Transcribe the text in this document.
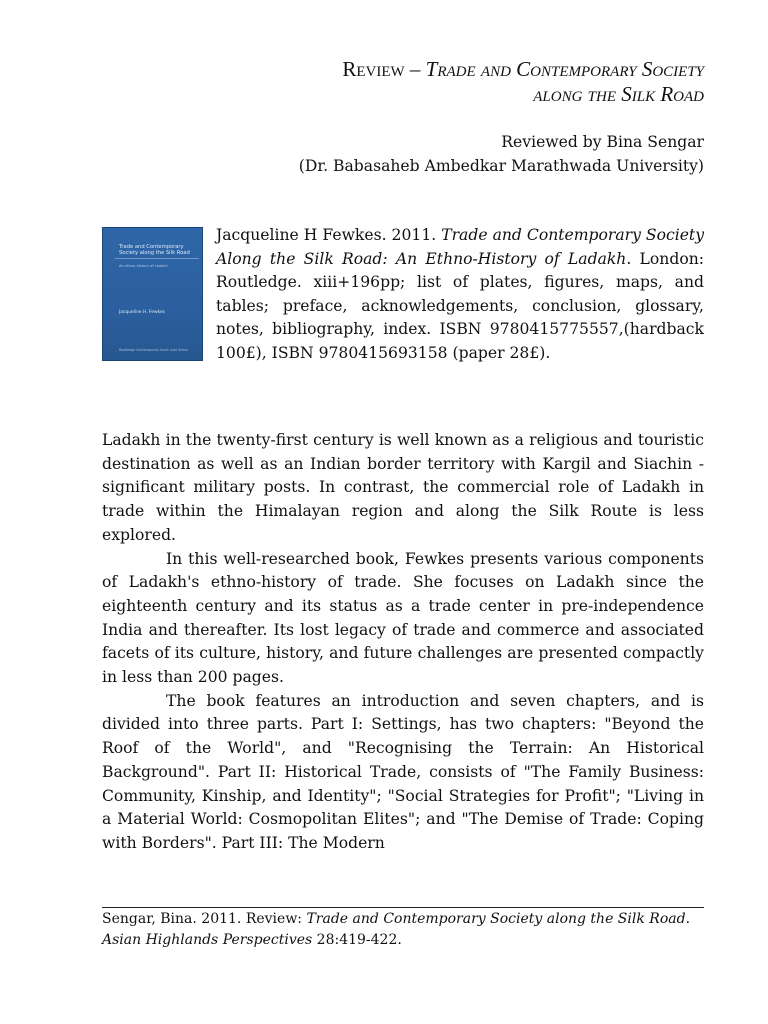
Review – Trade and Contemporary Society
along the Silk Road
Reviewed by Bina Sengar
(Dr. Babasaheb Ambedkar Marathwada University)
Jacqueline H Fewkes. 2011. Trade and Contemporary Society Along the Silk Road: An Ethno-History of Ladakh. London: Routledge. xiii+196pp; list of plates, figures, maps, and tables; preface, acknowledgements, conclusion, glossary, notes, bibliography, index. ISBN 9780415775557,(hardback 100£), ISBN 9780415693158 (paper 28£).
Trade and Contemporary Society along the Silk Road
An ethno-history of Ladakh
Jacqueline H. Fewkes
Routledge Contemporary South Asia Series

Ladakh in the twenty-first century is well known as a religious and touristic destination as well as an Indian border territory with Kargil and Siachin - significant military posts. In contrast, the commercial role of Ladakh in trade within the Himalayan region and along the Silk Route is less explored.

In this well-researched book, Fewkes presents various components of Ladakh's ethno-history of trade. She focuses on Ladakh since the eighteenth century and its status as a trade center in pre-independence India and thereafter. Its lost legacy of trade and commerce and associated facets of its culture, history, and future challenges are presented compactly in less than 200 pages.

The book features an introduction and seven chapters, and is divided into three parts. Part I: Settings, has two chapters: "Beyond the Roof of the World", and "Recognising the Terrain: An Historical Background". Part II: Historical Trade, consists of "The Family Business: Community, Kinship, and Identity"; "Social Strategies for Profit"; "Living in a Material World: Cosmopolitan Elites"; and "The Demise of Trade: Coping with Borders". Part III: The Modern

Sengar, Bina. 2011. Review: Trade and Contemporary Society along the Silk Road. Asian Highlands Perspectives 28:419-422.
